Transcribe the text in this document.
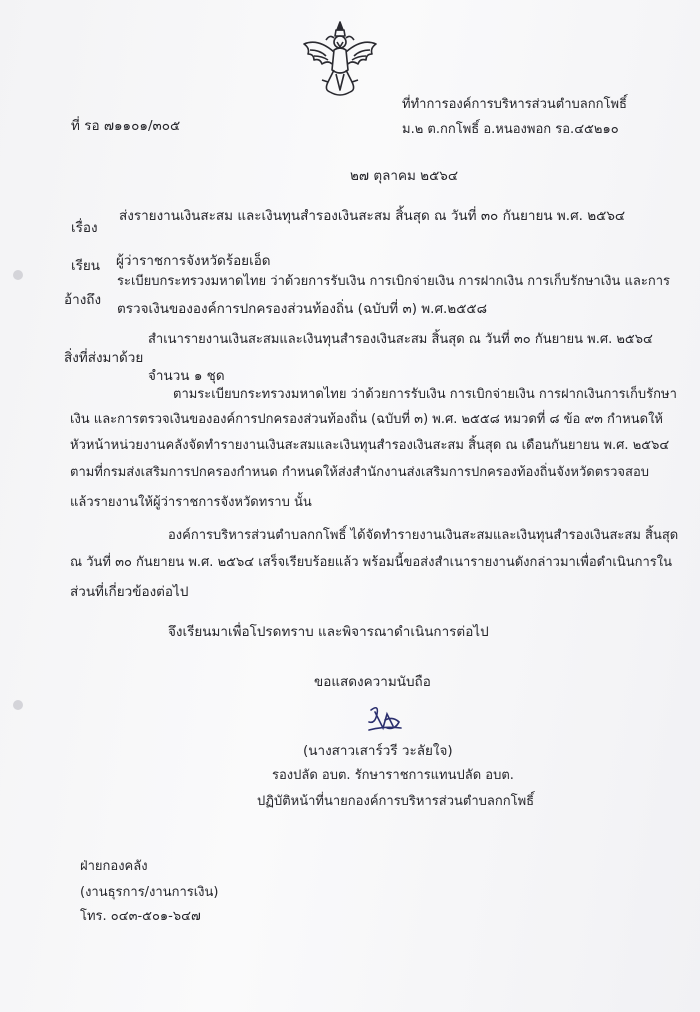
ที่ รอ ๗๑๑๐๑/๓๐๕
ที่ทำการองค์การบริหารส่วนตำบลกกโพธิ์
ม.๒ ต.กกโพธิ์ อ.หนองพอก รอ.๔๕๒๑๐
๒๗ ตุลาคม ๒๕๖๔
เรื่อง
ส่งรายงานเงินสะสม และเงินทุนสำรองเงินสะสม สิ้นสุด ณ วันที่ ๓๐ กันยายน พ.ศ. ๒๕๖๔
เรียน ผู้ว่าราชการจังหวัดร้อยเอ็ด
อ้างถึง
ระเบียบกระทรวงมหาดไทย ว่าด้วยการรับเงิน การเบิกจ่ายเงิน การฝากเงิน การเก็บรักษาเงิน และการ
ตรวจเงินขององค์การปกครองส่วนท้องถิ่น (ฉบับที่ ๓) พ.ศ.๒๕๕๘
สิ่งที่ส่งมาด้วย
สำเนารายงานเงินสะสมและเงินทุนสำรองเงินสะสม สิ้นสุด ณ วันที่ ๓๐ กันยายน พ.ศ. ๒๕๖๔
จำนวน ๑ ชุด
ตามระเบียบกระทรวงมหาดไทย ว่าด้วยการรับเงิน การเบิกจ่ายเงิน การฝากเงินการเก็บรักษา
เงิน และการตรวจเงินขององค์การปกครองส่วนท้องถิ่น (ฉบับที่ ๓) พ.ศ. ๒๕๕๘ หมวดที่ ๘ ข้อ ๙๓ กำหนดให้
หัวหน้าหน่วยงานคลังจัดทำรายงานเงินสะสมและเงินทุนสำรองเงินสะสม สิ้นสุด ณ เดือนกันยายน พ.ศ. ๒๕๖๔
ตามที่กรมส่งเสริมการปกครองกำหนด กำหนดให้ส่งสำนักงานส่งเสริมการปกครองท้องถิ่นจังหวัดตรวจสอบ
แล้วรายงานให้ผู้ว่าราชการจังหวัดทราบ นั้น
องค์การบริหารส่วนตำบลกกโพธิ์ ได้จัดทำรายงานเงินสะสมและเงินทุนสำรองเงินสะสม สิ้นสุด
ณ วันที่ ๓๐ กันยายน พ.ศ. ๒๕๖๔ เสร็จเรียบร้อยแล้ว พร้อมนี้ขอส่งสำเนารายงานดังกล่าวมาเพื่อดำเนินการใน
ส่วนที่เกี่ยวข้องต่อไป
จึงเรียนมาเพื่อโปรดทราบ และพิจารณาดำเนินการต่อไป
ขอแสดงความนับถือ
(นางสาวเสาร์วรี วะลัยใจ)
รองปลัด อบต. รักษาราชการแทนปลัด อบต.
ปฏิบัติหน้าที่นายกองค์การบริหารส่วนตำบลกกโพธิ์
ฝ่ายกองคลัง
(งานธุรการ/งานการเงิน)
โทร. ๐๔๓-๕๐๑-๖๔๗
